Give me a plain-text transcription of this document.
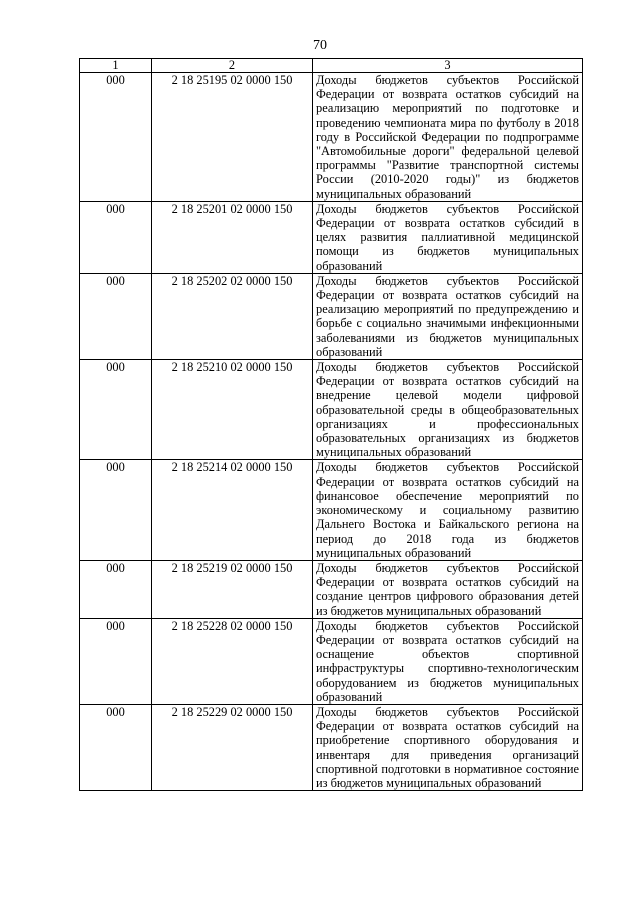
70
1	2	3
000	2 18 25195 02 0000 150	Доходы бюджетов субъектов Российской Федерации от возврата остатков субсидий на реализацию мероприятий по подготовке и проведению чемпионата мира по футболу в 2018 году в Российской Федерации по подпрограмме "Автомобильные дороги" федеральной целевой программы "Развитие транспортной системы России (2010-2020 годы)" из бюджетов муниципальных образований
000	2 18 25201 02 0000 150	Доходы бюджетов субъектов Российской Федерации от возврата остатков субсидий в целях развития паллиативной медицинской помощи из бюджетов муниципальных образований
000	2 18 25202 02 0000 150	Доходы бюджетов субъектов Российской Федерации от возврата остатков субсидий на реализацию мероприятий по предупреждению и борьбе с социально значимыми инфекционными заболеваниями из бюджетов муниципальных образований
000	2 18 25210 02 0000 150	Доходы бюджетов субъектов Российской Федерации от возврата остатков субсидий на внедрение целевой модели цифровой образовательной среды в общеобразовательных организациях и профессиональных образовательных организациях из бюджетов муниципальных образований
000	2 18 25214 02 0000 150	Доходы бюджетов субъектов Российской Федерации от возврата остатков субсидий на финансовое обеспечение мероприятий по экономическому и социальному развитию Дальнего Востока и Байкальского региона на период до 2018 года из бюджетов муниципальных образований
000	2 18 25219 02 0000 150	Доходы бюджетов субъектов Российской Федерации от возврата остатков субсидий на создание центров цифрового образования детей из бюджетов муниципальных образований
000	2 18 25228 02 0000 150	Доходы бюджетов субъектов Российской Федерации от возврата остатков субсидий на оснащение объектов спортивной инфраструктуры спортивно-технологическим оборудованием из бюджетов муниципальных образований
000	2 18 25229 02 0000 150	Доходы бюджетов субъектов Российской Федерации от возврата остатков субсидий на приобретение спортивного оборудования и инвентаря для приведения организаций спортивной подготовки в нормативное состояние из бюджетов муниципальных образований
